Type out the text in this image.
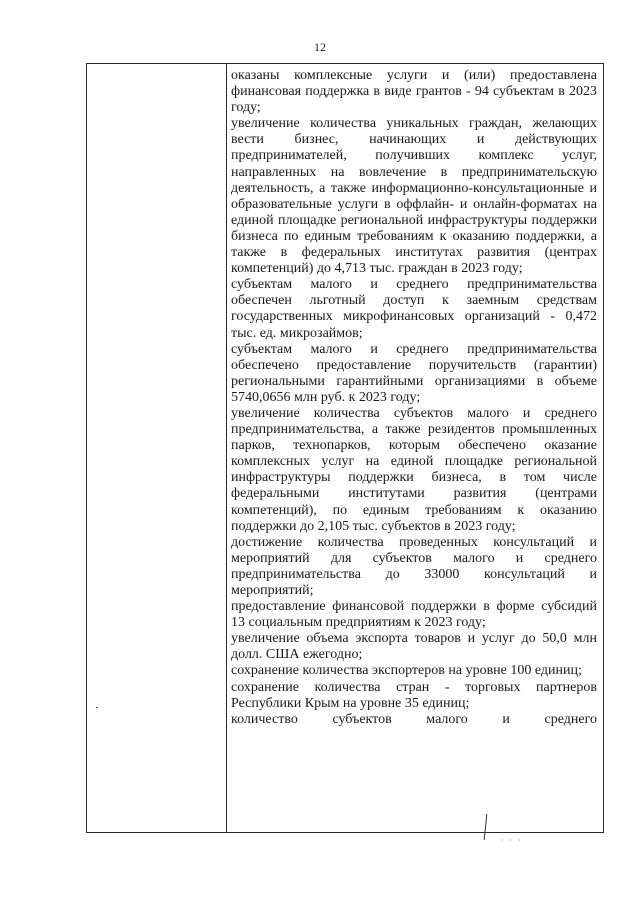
12

оказаны комплексные услуги и (или) предоставлена финансовая поддержка в виде грантов - 94 субъектам в 2023 году;

увеличение количества уникальных граждан, желающих вести бизнес, начинающих и действующих предпринимателей, получивших комплекс услуг, направленных на вовлечение в предпринимательскую деятельность, а также информационно-консультационные и образовательные услуги в оффлайн- и онлайн-форматах на единой площадке региональной инфраструктуры поддержки бизнеса по единым требованиям к оказанию поддержки, а также в федеральных институтах развития (центрах компетенций) до 4,713 тыс. граждан в 2023 году;

субъектам малого и среднего предпринимательства обеспечен льготный доступ к заемным средствам государственных микрофинансовых организаций - 0,472 тыс. ед. микрозаймов;

субъектам малого и среднего предпринимательства обеспечено предоставление поручительств (гарантии) региональными гарантийными организациями в объеме 5740,0656 млн руб. к 2023 году;

увеличение количества субъектов малого и среднего предпринимательства, а также резидентов промышленных парков, технопарков, которым обеспечено оказание комплексных услуг на единой площадке региональной инфраструктуры поддержки бизнеса, в том числе федеральными институтами развития (центрами компетенций), по единым требованиям к оказанию поддержки до 2,105 тыс. субъектов в 2023 году;

достижение количества проведенных консультаций и мероприятий для субъектов малого и среднего предпринимательства до 33000 консультаций и мероприятий;

предоставление финансовой поддержки в форме субсидий 13 социальным предприятиям к 2023 году;

увеличение объема экспорта товаров и услуг до 50,0 млн долл. США ежегодно;

сохранение количества экспортеров на уровне 100 единиц;

сохранение количества стран - торговых партнеров Республики Крым на уровне 35 единиц;

количество субъектов малого и среднего

· · ·
